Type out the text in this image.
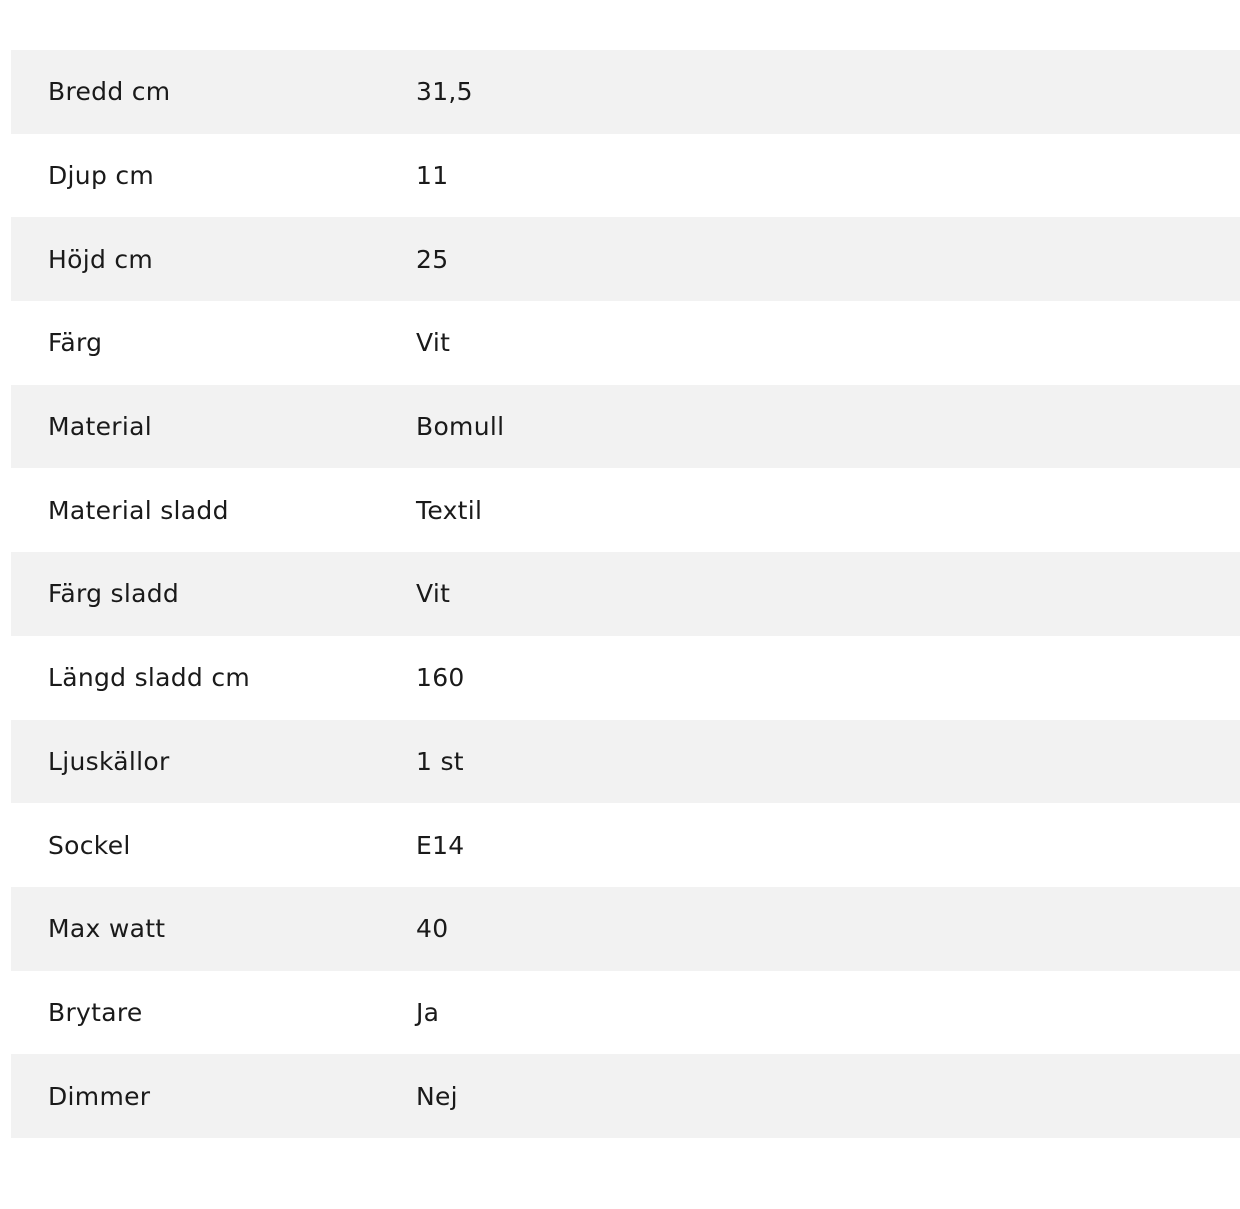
Bredd cm	31,5
Djup cm	11
Höjd cm	25
Färg	Vit
Material	Bomull
Material sladd	Textil
Färg sladd	Vit
Längd sladd cm	160
Ljuskällor	1 st
Sockel	E14
Max watt	40
Brytare	Ja
Dimmer	Nej
